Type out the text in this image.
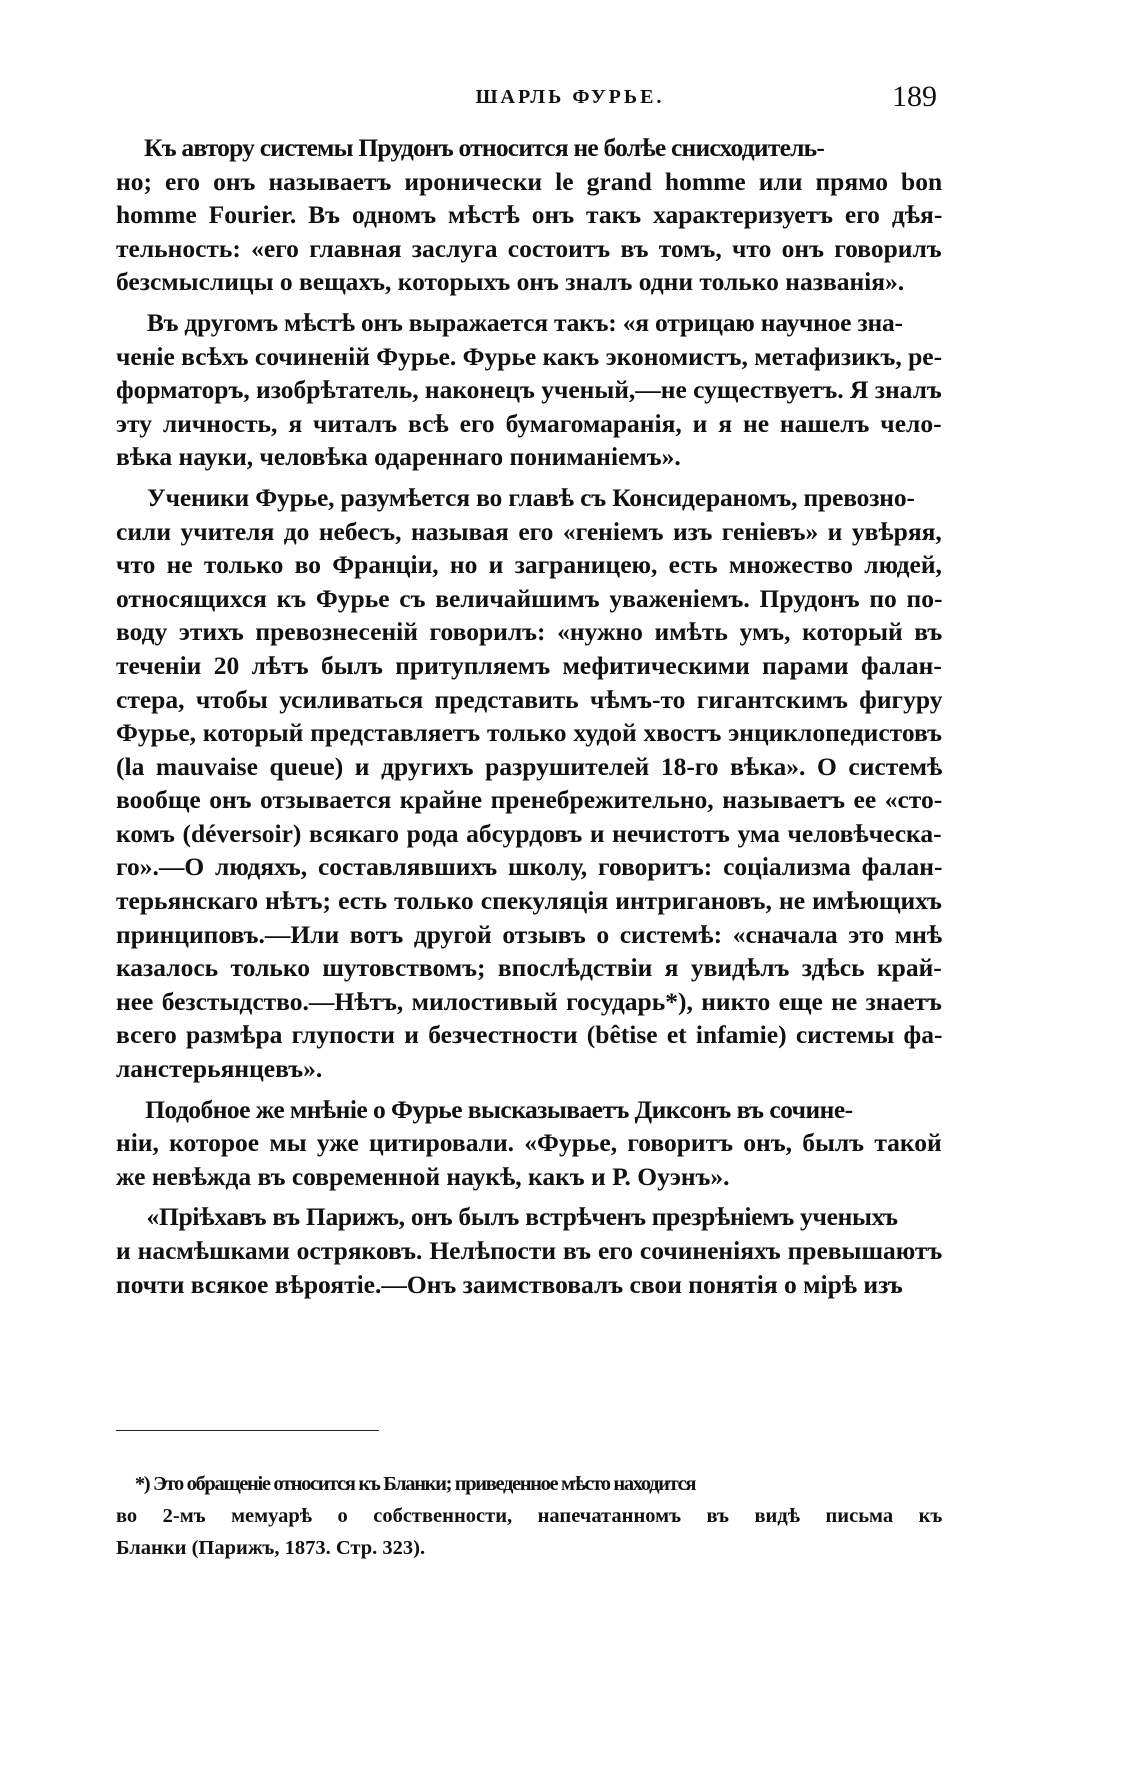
ШАРЛЬ ФУРЬЕ.	189
Къ автору системы Прудонъ относится не болѣе снисходитель-
но; его онъ называетъ иронически le grand homme или прямо bon
homme Fourier. Въ одномъ мѣстѣ онъ такъ характеризуетъ его дѣя-
тельность: «его главная заслуга состоитъ въ томъ, что онъ говорилъ
безсмыслицы о вещахъ, которыхъ онъ зналъ одни только названія».
Въ другомъ мѣстѣ онъ выражается такъ: «я отрицаю научное зна-
ченіе всѣхъ сочиненій Фурье. Фурье какъ экономистъ, метафизикъ, ре-
форматоръ, изобрѣтатель, наконецъ ученый,—не существуетъ. Я зналъ
эту личность, я читалъ всѣ его бумагомаранія, и я не нашелъ чело-
вѣка науки, человѣка одареннаго пониманіемъ».
Ученики Фурье, разумѣется во главѣ съ Консидераномъ, превозно-
сили учителя до небесъ, называя его «геніемъ изъ геніевъ» и увѣряя,
что не только во Франціи, но и заграницею, есть множество людей,
относящихся къ Фурье съ величайшимъ уваженіемъ. Прудонъ по по-
воду этихъ превознесеній говорилъ: «нужно имѣть умъ, который въ
теченіи 20 лѣтъ былъ притупляемъ мефитическими парами фалан-
стера, чтобы усиливаться представить чѣмъ-то гигантскимъ фигуру
Фурье, который представляетъ только худой хвостъ энциклопедистовъ
(la mauvaise queue) и другихъ разрушителей 18-го вѣка». О системѣ
вообще онъ отзывается крайне пренебрежительно, называетъ ее «сто-
комъ (déversoir) всякаго рода абсурдовъ и нечистотъ ума человѣческа-
го».—О людяхъ, составлявшихъ школу, говоритъ: соціализма фалан-
терьянскаго нѣтъ; есть только спекуляція интригановъ, не имѣющихъ
принциповъ.—Или вотъ другой отзывъ о системѣ: «сначала это мнѣ
казалось только шутовствомъ; впослѣдствіи я увидѣлъ здѣсь край-
нее безстыдство.—Нѣтъ, милостивый государь*), никто еще не знаетъ
всего размѣра глупости и безчестности (bêtise et infamie) системы фа-
ланстерьянцевъ».
Подобное же мнѣніе о Фурье высказываетъ Диксонъ въ сочине-
ніи, которое мы уже цитировали. «Фурье, говоритъ онъ, былъ такой
же невѣжда въ современной наукѣ, какъ и Р. Оуэнъ».
«Пріѣхавъ въ Парижъ, онъ былъ встрѣченъ презрѣніемъ ученыхъ
и насмѣшками остряковъ. Нелѣпости въ его сочиненіяхъ превышаютъ
почти всякое вѣроятіе.—Онъ заимствовалъ свои понятія о мірѣ изъ
*) Это обращеніе относится къ Бланки; приведенное мѣсто находится
во 2-мъ мемуарѣ о собственности, напечатанномъ въ видѣ письма къ
Бланки (Парижъ, 1873. Стр. 323).
